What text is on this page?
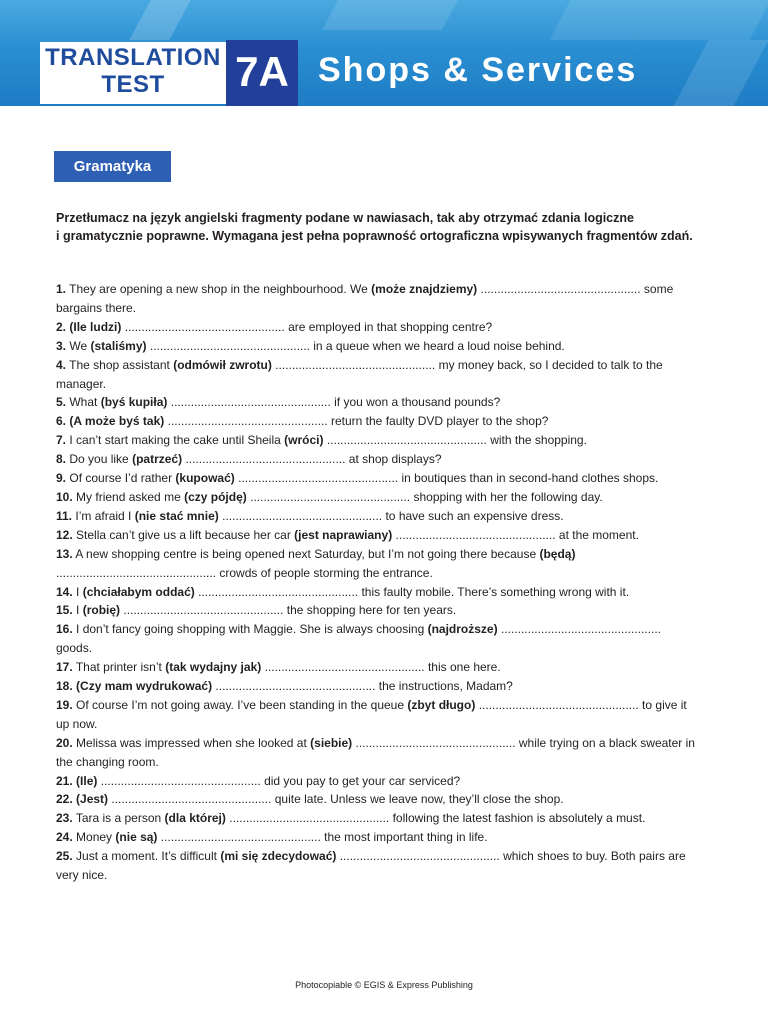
TRANSLATION
TEST	7A Shops & Services
Gramatyka

Przetłumacz na język angielski fragmenty podane w nawiasach, tak aby otrzymać zdania logiczne

i gramatycznie poprawne. Wymagana jest pełna poprawność ortograficzna wpisywanych fragmentów zdań.

1. They are opening a new shop in the neighbourhood. We (może znajdziemy) ................................................ some bargains there.

2. (Ile ludzi) ................................................ are employed in that shopping centre?

3. We (staliśmy) ................................................ in a queue when we heard a loud noise behind.

4. The shop assistant (odmówił zwrotu) ................................................ my money back, so I decided to talk to the manager.

5. What (byś kupiła) ................................................ if you won a thousand pounds?

6. (A może byś tak) ................................................ return the faulty DVD player to the shop?

7. I can’t start making the cake until Sheila (wróci) ................................................ with the shopping.

8. Do you like (patrzeć) ................................................ at shop displays?

9. Of course I’d rather (kupować) ................................................ in boutiques than in second-hand clothes shops.

10. My friend asked me (czy pójdę) ................................................ shopping with her the following day.

11. I’m afraid I (nie stać mnie) ................................................ to have such an expensive dress.

12. Stella can’t give us a lift because her car (jest naprawiany) ................................................ at the moment.

13. A new shopping centre is being opened next Saturday, but I’m not going there because (będą) ................................................ crowds of people storming the entrance.

14. I (chciałabym oddać) ................................................ this faulty mobile. There’s something wrong with it.

15. I (robię) ................................................ the shopping here for ten years.

16. I don’t fancy going shopping with Maggie. She is always choosing (najdroższe) ................................................ goods.

17. That printer isn’t (tak wydajny jak) ................................................ this one here.

18. (Czy mam wydrukować) ................................................ the instructions, Madam?

19. Of course I’m not going away. I’ve been standing in the queue (zbyt długo) ................................................ to give it up now.

20. Melissa was impressed when she looked at (siebie) ................................................ while trying on a black sweater in the changing room.

21. (Ile) ................................................ did you pay to get your car serviced?

22. (Jest) ................................................ quite late. Unless we leave now, they’ll close the shop.

23. Tara is a person (dla której) ................................................ following the latest fashion is absolutely a must.

24. Money (nie są) ................................................ the most important thing in life.

25. Just a moment. It’s difficult (mi się zdecydować) ................................................ which shoes to buy. Both pairs are very nice.

Photocopiable © EGIS & Express Publishing
